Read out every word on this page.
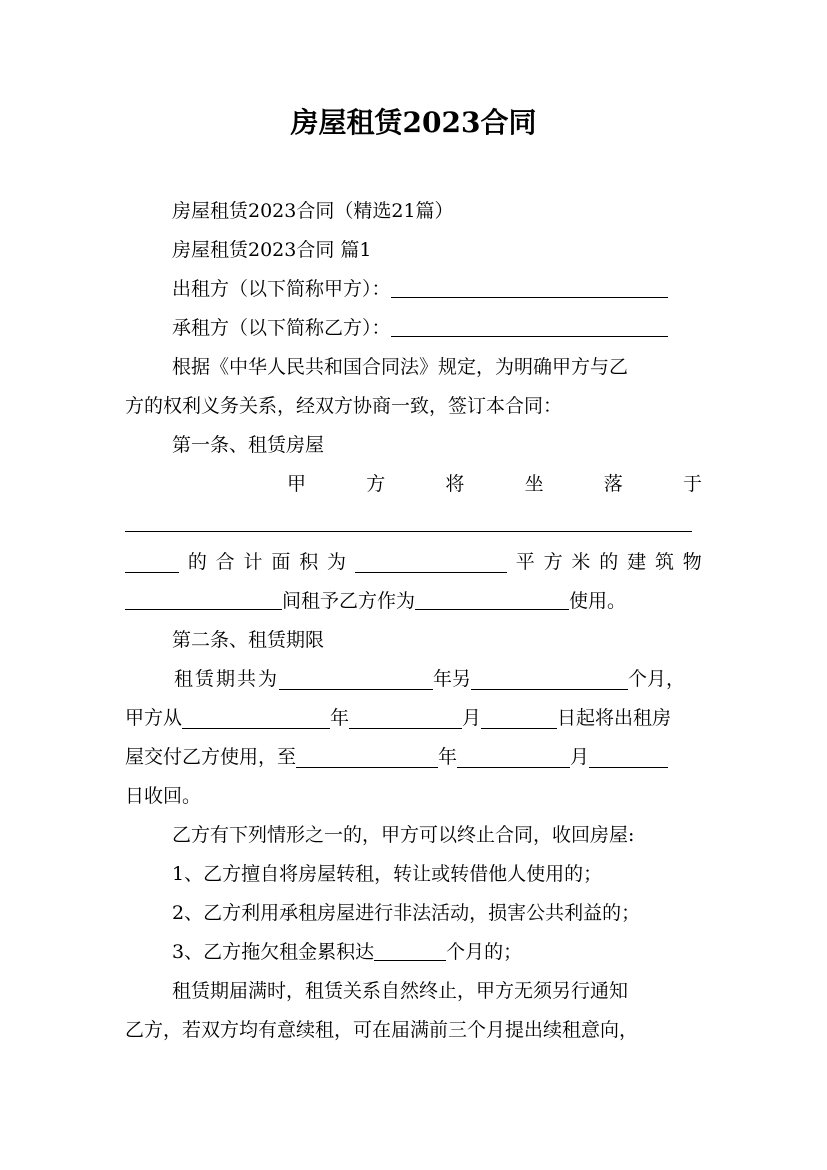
房屋租赁2023合同

房屋租赁2023合同（精选21篇）

房屋租赁2023合同 篇1

出租方（以下简称甲方）：

承租方（以下简称乙方）：

根据《中华人民共和国合同法》规定，为明确甲方与乙

方的权利义务关系，经双方协商一致，签订本合同：

第一条、租赁房屋

甲	方	将	坐	落	于
的 合 计 面 积 为	平 方 米 的 建 筑 物

间租予乙方作为	使用。

第二条、租赁期限

租赁期共为	年另	个月，
甲方从	年	月	日起将出租房
屋交付乙方使用，至	年	月

日收回。

乙方有下列情形之一的，甲方可以终止合同，收回房屋:

1、乙方擅自将房屋转租，转让或转借他人使用的；

2、乙方利用承租房屋进行非法活动，损害公共利益的；

3、乙方拖欠租金累积达	个月的；

租赁期届满时，租赁关系自然终止，甲方无须另行通知

乙方，若双方均有意续租，可在届满前三个月提出续租意向，
